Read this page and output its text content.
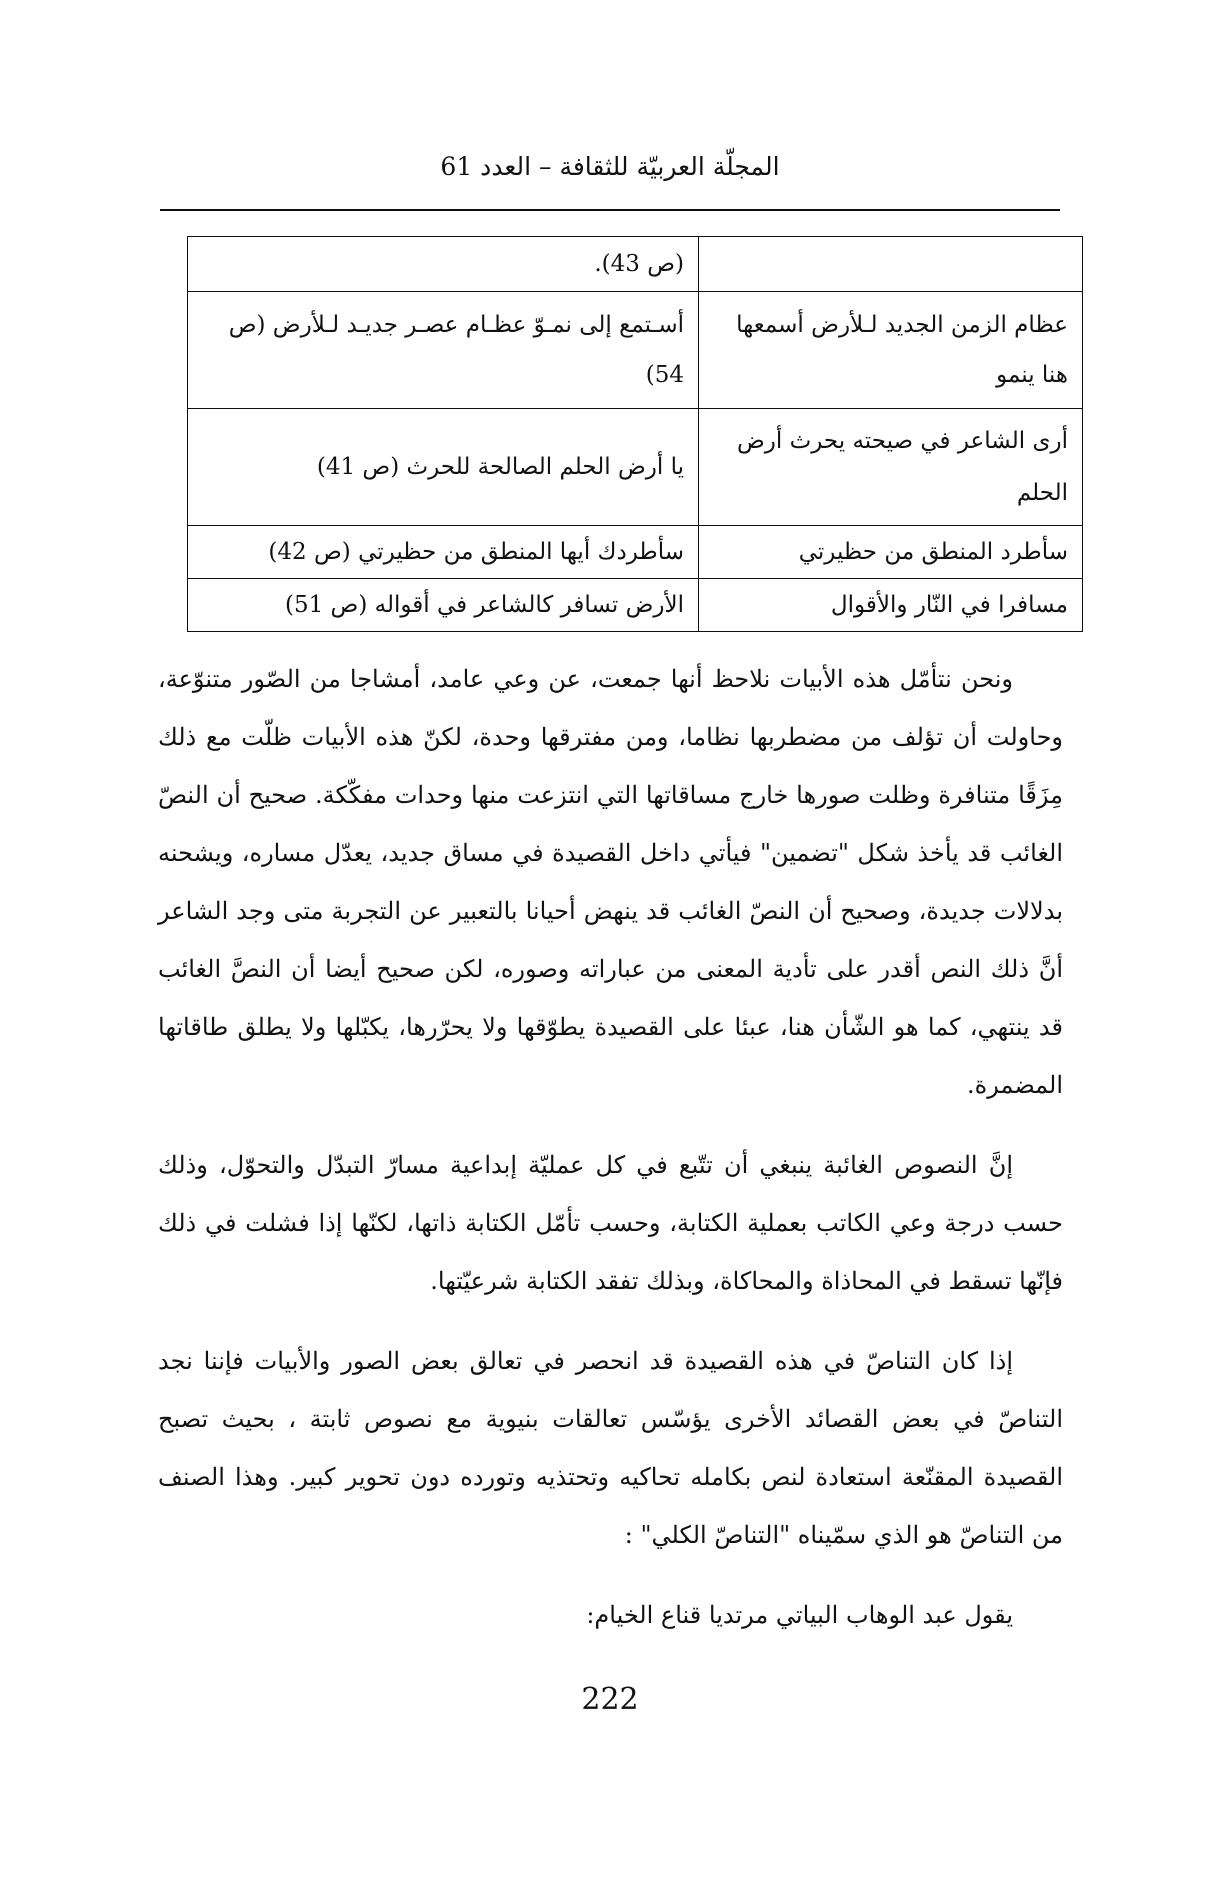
المجلّة العربيّة للثقافة – العدد 61
	(ص 43).
عظام الزمن الجديد لـلأرض أسمعها هنا ينمو	أسـتمع إلى نمـوّ عظـام عصـر جديـد لـلأرض (ص 54)
أرى الشاعر في صيحته يحرث أرض الحلم	يا أرض الحلم الصالحة للحرث (ص 41)
سأطرد المنطق من حظيرتي	سأطردك أيها المنطق من حظيرتي (ص 42)
مسافرا في النّار والأقوال	الأرض تسافر كالشاعر في أقواله (ص 51)

ونحن نتأمّل هذه الأبيات نلاحظ أنها جمعت، عن وعي عامد، أمشاجا من الصّور متنوّعة، وحاولت أن تؤلف من مضطربها نظاما، ومن مفترقها وحدة، لكنّ هذه الأبيات ظلّت مع ذلك مِزَقًا متنافرة وظلت صورها خارج مساقاتها التي انتزعت منها وحدات مفكّكة. صحيح أن النصّ الغائب قد يأخذ شكل "تضمين" فيأتي داخل القصيدة في مساق جديد، يعدّل مساره، ويشحنه بدلالات جديدة، وصحيح أن النصّ الغائب قد ينهض أحيانا بالتعبير عن التجربة متى وجد الشاعر أنَّ ذلك النص أقدر على تأدية المعنى من عباراته وصوره، لكن صحيح أيضا أن النصَّ الغائب قد ينتهي، كما هو الشّأن هنا، عبئا على القصيدة يطوّقها ولا يحرّرها، يكبّلها ولا يطلق طاقاتها المضمرة.

إنَّ النصوص الغائبة ينبغي أن تتّبع في كل عمليّة إبداعية مسارّ التبدّل والتحوّل، وذلك حسب درجة وعي الكاتب بعملية الكتابة، وحسب تأمّل الكتابة ذاتها، لكنّها إذا فشلت في ذلك فإنّها تسقط في المحاذاة والمحاكاة، وبذلك تفقد الكتابة شرعيّتها.

إذا كان التناصّ في هذه القصيدة قد انحصر في تعالق بعض الصور والأبيات فإننا نجد التناصّ في بعض القصائد الأخرى يؤسّس تعالقات بنيوية مع نصوص ثابتة ، بحيث تصبح القصيدة المقنّعة استعادة لنص بكامله تحاكيه وتحتذيه وتورده دون تحوير كبير. وهذا الصنف من التناصّ هو الذي سمّيناه "التناصّ الكلي" :

يقول عبد الوهاب البياتي مرتديا قناع الخيام:

222
